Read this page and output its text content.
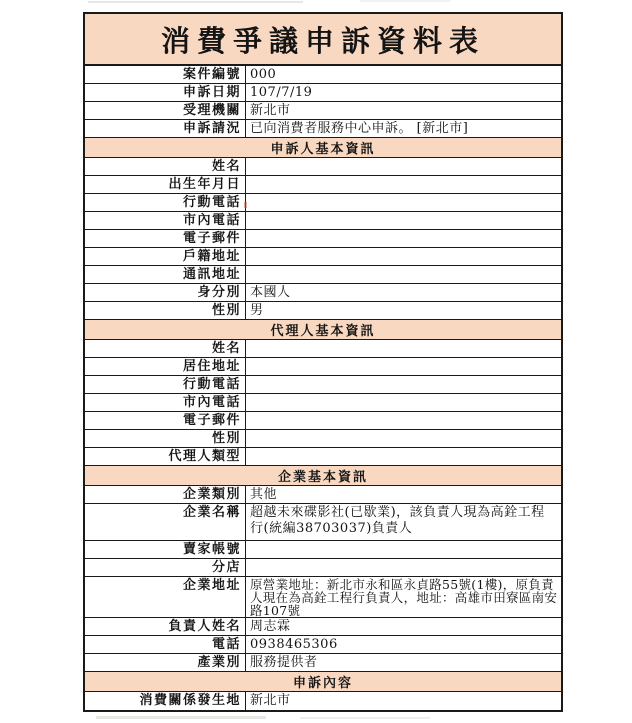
消費爭議申訴資料表
案件編號 000
申訴日期 107/7/19
受理機關 新北市
申訴請況 已向消費者服務中心申訴。 [新北市]
申訴人基本資訊
姓名
出生年月日
行動電話
市內電話
電子郵件
戶籍地址
通訊地址
身分別 本國人
性別 男
代理人基本資訊
姓名
居住地址
行動電話
市內電話
電子郵件
性別
代理人類型
企業基本資訊
企業類別 其他
企業名稱 超越未來碟影社(已歇業)，該負責人現為高銓工程行(統編38703037)負責人
賣家帳號
分店
企業地址 原營業地址：新北市永和區永貞路55號(1樓)，原負責人現在為高銓工程行負責人，地址：高雄市田寮區南安路107號
負責人姓名 周志霖
電話 0938465306
產業別 服務提供者
申訴內容
消費關係發生地 新北市
